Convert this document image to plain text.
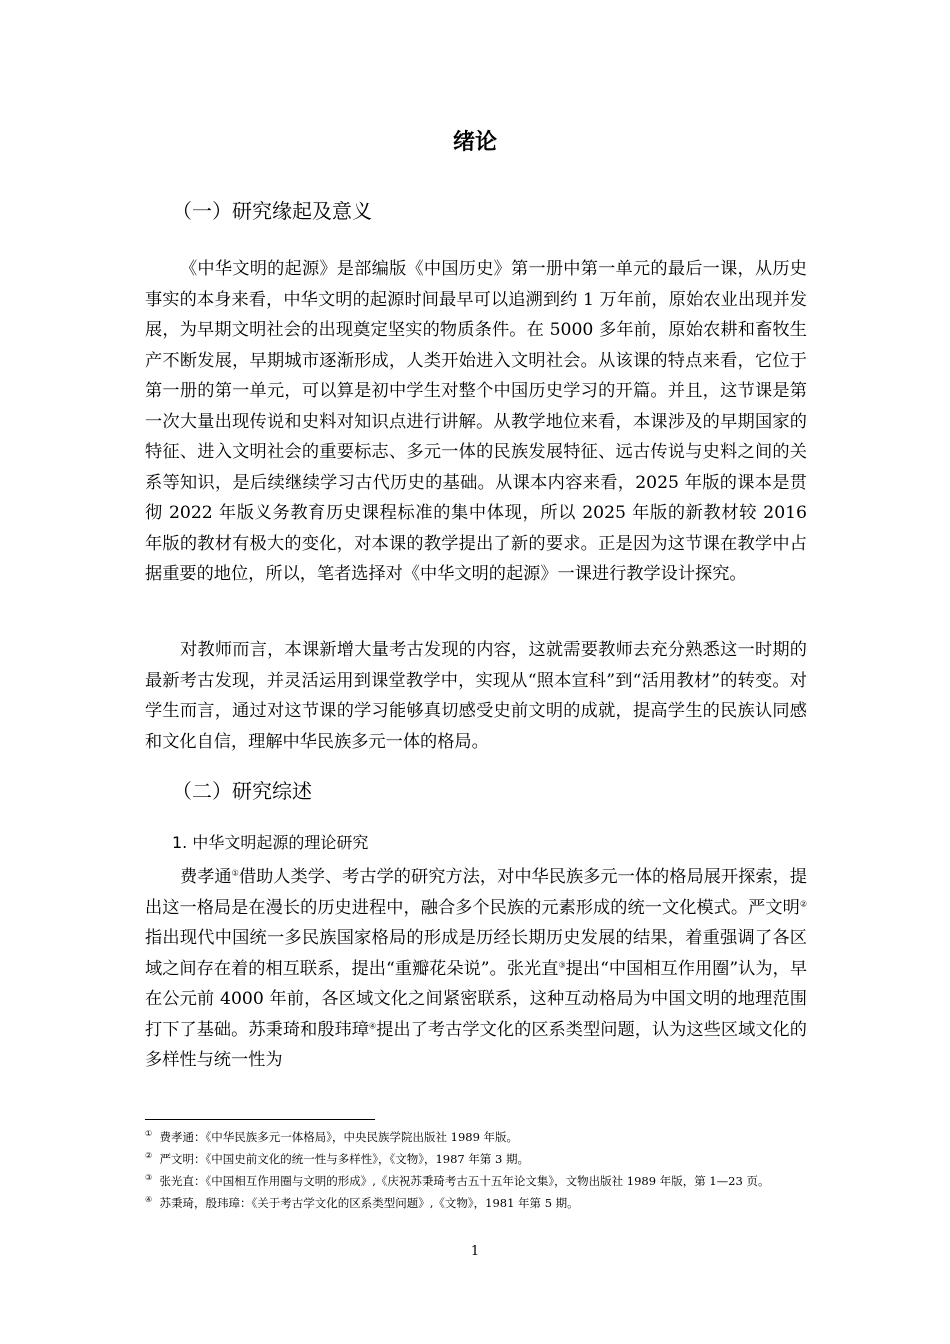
绪论
（一）研究缘起及意义

《中华文明的起源》是部编版《中国历史》第一册中第一单元的最后一课，从历史事实的本身来看，中华文明的起源时间最早可以追溯到约 1 万年前，原始农业出现并发展，为早期文明社会的出现奠定坚实的物质条件。在 5000 多年前，原始农耕和畜牧生产不断发展，早期城市逐渐形成，人类开始进入文明社会。从该课的特点来看，它位于第一册的第一单元，可以算是初中学生对整个中国历史学习的开篇。并且，这节课是第一次大量出现传说和史料对知识点进行讲解。从教学地位来看，本课涉及的早期国家的特征、进入文明社会的重要标志、多元一体的民族发展特征、远古传说与史料之间的关系等知识，是后续继续学习古代历史的基础。从课本内容来看，2025 年版的课本是贯彻 2022 年版义务教育历史课程标准的集中体现，所以 2025 年版的新教材较 2016 年版的教材有极大的变化，对本课的教学提出了新的要求。正是因为这节课在教学中占据重要的地位，所以，笔者选择对《中华文明的起源》一课进行教学设计探究。

对教师而言，本课新增大量考古发现的内容，这就需要教师去充分熟悉这一时期的最新考古发现，并灵活运用到课堂教学中，实现从“照本宣科”到“活用教材”的转变。对学生而言，通过对这节课的学习能够真切感受史前文明的成就，提高学生的民族认同感和文化自信，理解中华民族多元一体的格局。

（二）研究综述
1. 中华文明起源的理论研究

费孝通①借助人类学、考古学的研究方法，对中华民族多元一体的格局展开探索，提出这一格局是在漫长的历史进程中，融合多个民族的元素形成的统一文化模式。严文明②指出现代中国统一多民族国家格局的形成是历经长期历史发展的结果，着重强调了各区域之间存在着的相互联系，提出“重瓣花朵说”。张光直③提出“中国相互作用圈”认为，早在公元前 4000 年前，各区域文化之间紧密联系，这种互动格局为中国文明的地理范围打下了基础。苏秉琦和殷玮璋④提出了考古学文化的区系类型问题，认为这些区域文化的多样性与统一性为

① 费孝通：《中华民族多元一体格局》，中央民族学院出版社 1989 年版。

② 严文明：《中国史前文化的统一性与多样性》，《文物》，1987 年第 3 期。

③ 张光直：《中国相互作用圈与文明的形成》,《庆祝苏秉琦考古五十五年论文集》，文物出版社 1989 年版，第 1—23 页。

④ 苏秉琦，殷玮璋：《关于考古学文化的区系类型问题》,《文物》，1981 年第 5 期。

1
